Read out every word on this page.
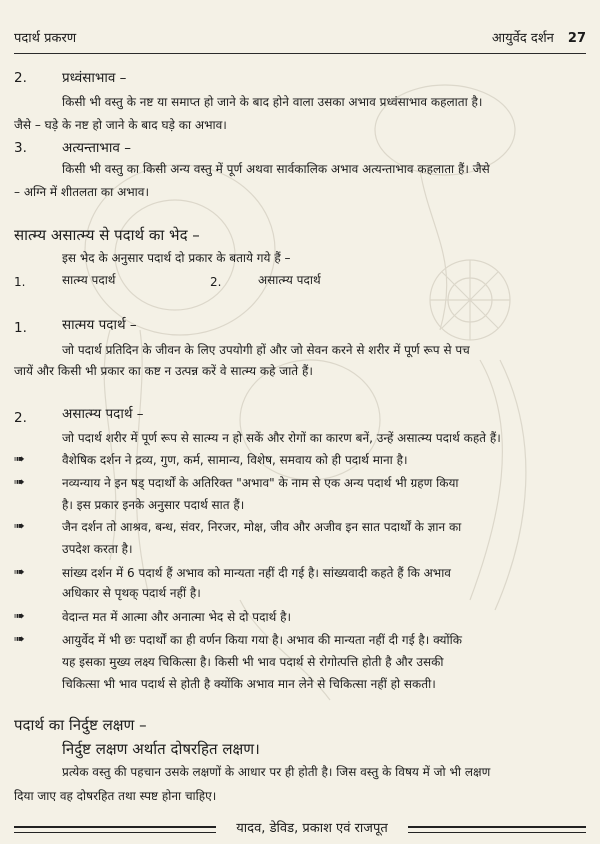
पदार्थ प्रकरण	आयुर्वेद दर्शन 27
2.	प्रध्वंसाभाव –
किसी भी वस्तु के नष्ट या समाप्त हो जाने के बाद होने वाला उसका अभाव प्रध्वंसाभाव कहलाता है।
जैसे – घड़े के नष्ट हो जाने के बाद घड़े का अभाव।
3.	अत्यन्ताभाव –
किसी भी वस्तु का किसी अन्य वस्तु में पूर्ण अथवा सार्वकालिक अभाव अत्यन्ताभाव कहलाता हैं। जैसे
– अग्नि में शीतलता का अभाव।
सात्म्य असात्म्य से पदार्थ का भेद –
इस भेद के अनुसार पदार्थ दो प्रकार के बताये गये हैं –
1.	सात्म्य पदार्थ	2.	असात्म्य पदार्थ
1.	सात्मय पदार्थ –
जो पदार्थ प्रतिदिन के जीवन के लिए उपयोगी हों और जो सेवन करने से शरीर में पूर्ण रूप से पच
जायें और किसी भी प्रकार का कष्ट न उत्पन्न करें वे सात्म्य कहे जाते हैं।
2.	असात्म्य पदार्थ –
जो पदार्थ शरीर में पूर्ण रूप से सात्म्य न हो सकें और रोगों का कारण बनें, उन्हें असात्म्य पदार्थ कहते हैं।
➠	वैशेषिक दर्शन ने द्रव्य, गुण, कर्म, सामान्य, विशेष, समवाय को ही पदार्थ माना है।
➠	नव्यन्याय ने इन षड् पदार्थों के अतिरिक्त "अभाव" के नाम से एक अन्य पदार्थ भी ग्रहण किया
है। इस प्रकार इनके अनुसार पदार्थ सात हैं।
➠	जैन दर्शन तो आश्रव, बन्ध, संवर, निरजर, मोक्ष, जीव और अजीव इन सात पदार्थों के ज्ञान का
उपदेश करता है।
➠	सांख्य दर्शन में 6 पदार्थ हैं अभाव को मान्यता नहीं दी गई है। सांख्यवादी कहते हैं कि अभाव
अधिकार से पृथक् पदार्थ नहीं है।
➠	वेदान्त मत में आत्मा और अनात्मा भेद से दो पदार्थ है।
➠	आयुर्वेद में भी छः पदार्थों का ही वर्णन किया गया है। अभाव की मान्यता नहीं दी गई है। क्योंकि
यह इसका मुख्य लक्ष्य चिकित्सा है। किसी भी भाव पदार्थ से रोगोत्पत्ति होती है और उसकी
चिकित्सा भी भाव पदार्थ से होती है क्योंकि अभाव मान लेने से चिकित्सा नहीं हो सकती।
पदार्थ का निर्दुष्ट लक्षण –
निर्दुष्ट लक्षण अर्थात दोषरहित लक्षण।
प्रत्येक वस्तु की पहचान उसके लक्षणों के आधार पर ही होती है। जिस वस्तु के विषय में जो भी लक्षण
दिया जाए वह दोषरहित तथा स्पष्ट होना चाहिए।
यादव, डेविड, प्रकाश एवं राजपूत
